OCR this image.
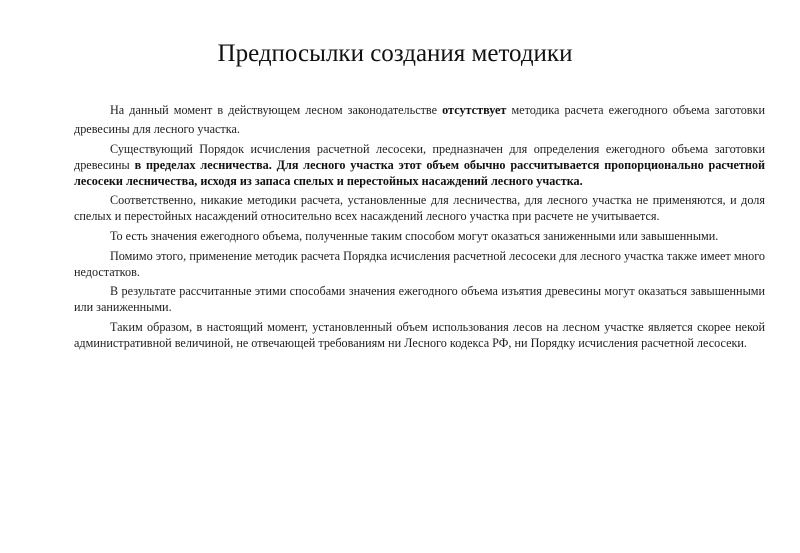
Предпосылки создания методики

На данный момент в действующем лесном законодательстве отсутствует методика расчета ежегодного объема заготовки древесины для лесного участка.

Существующий Порядок исчисления расчетной лесосеки, предназначен для определения ежегодного объема заготовки древесины в пределах лесничества. Для лесного участка этот объем обычно рассчитывается пропорционально расчетной лесосеки лесничества, исходя из запаса спелых и перестойных насаждений лесного участка.

Соответственно, никакие методики расчета, установленные для лесничества, для лесного участка не применяются, и доля спелых и перестойных насаждений относительно всех насаждений лесного участка при расчете не учитывается.

То есть значения ежегодного объема, полученные таким способом могут оказаться заниженными или завышенными.

Помимо этого, применение методик расчета Порядка исчисления расчетной лесосеки для лесного участка также имеет много недостатков.

В результате рассчитанные этими способами значения ежегодного объема изъятия древесины могут оказаться завышенными или заниженными.

Таким образом, в настоящий момент, установленный объем использования лесов на лесном участке является скорее некой административной величиной, не отвечающей требованиям ни Лесного кодекса РФ, ни Порядку исчисления расчетной лесосеки.
